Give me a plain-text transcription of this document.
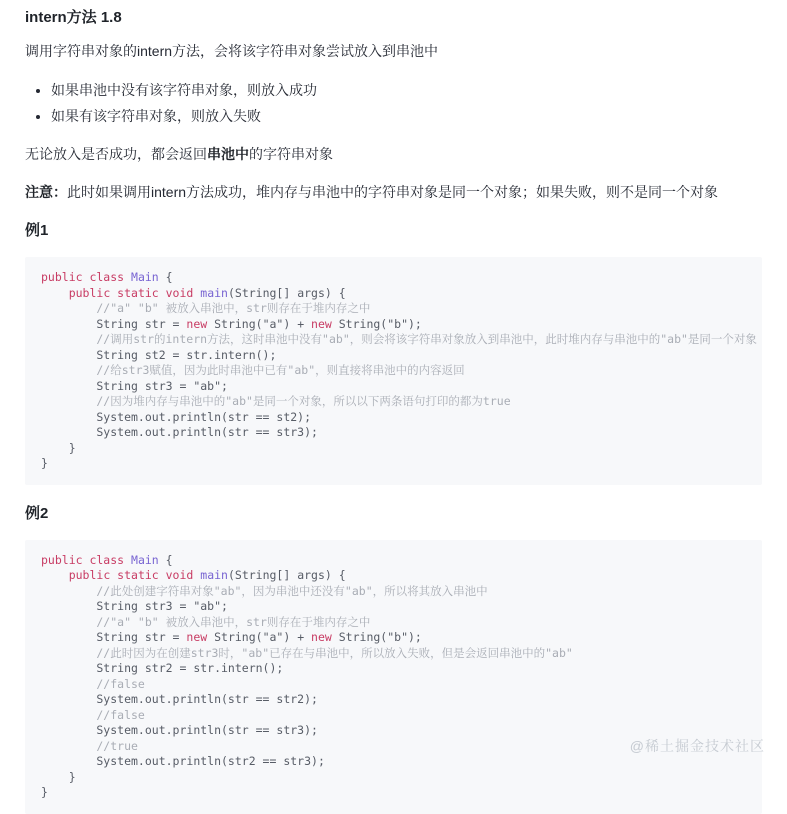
intern方法 1.8

调用字符串对象的intern方法，会将该字符串对象尝试放入到串池中

• 如果串池中没有该字符串对象，则放入成功
• 如果有该字符串对象，则放入失败

无论放入是否成功，都会返回串池中的字符串对象

注意：此时如果调用intern方法成功，堆内存与串池中的字符串对象是同一个对象；如果失败，则不是同一个对象

例1
public class Main {
public static void main(String[] args) {
//"a" "b" 被放入串池中，str则存在于堆内存之中
String str = new String("a") + new String("b");
//调用str的intern方法，这时串池中没有"ab"，则会将该字符串对象放入到串池中，此时堆内存与串池中的"ab"是同一个对象
String st2 = str.intern();
//给str3赋值，因为此时串池中已有"ab"，则直接将串池中的内容返回
String str3 = "ab";
//因为堆内存与串池中的"ab"是同一个对象，所以以下两条语句打印的都为true
System.out.println(str == st2);
System.out.println(str == str3);
}
}
例2
public class Main {
public static void main(String[] args) {
//此处创建字符串对象"ab"，因为串池中还没有"ab"，所以将其放入串池中
String str3 = "ab";
//"a" "b" 被放入串池中，str则存在于堆内存之中
String str = new String("a") + new String("b");
//此时因为在创建str3时，"ab"已存在与串池中，所以放入失败，但是会返回串池中的"ab"
String str2 = str.intern();
//false
System.out.println(str == str2);
//false
System.out.println(str == str3);
//true
System.out.println(str2 == str3);
}
}
@稀土掘金技术社区
